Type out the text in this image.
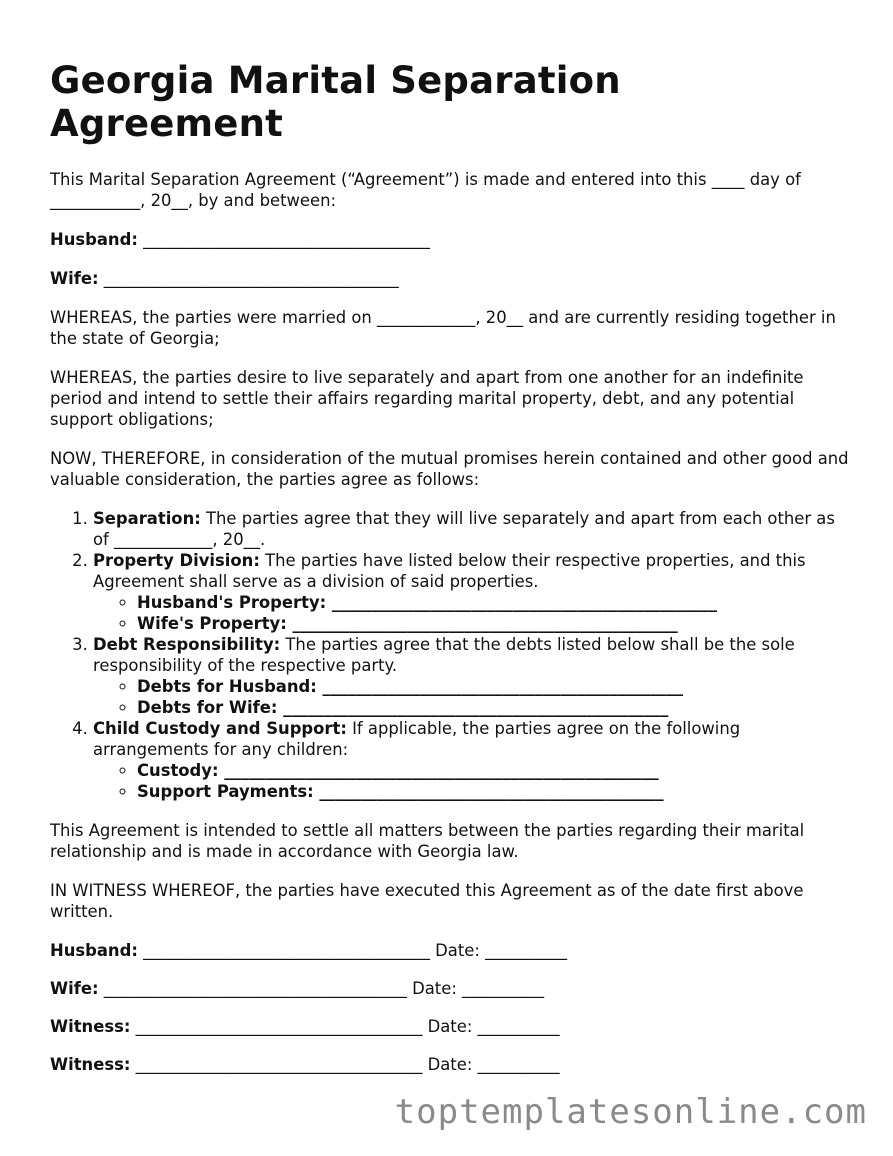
Georgia Marital Separation Agreement

This Marital Separation Agreement (“Agreement”) is made and entered into this ____ day of ___________, 20__, by and between:

Husband: ___________________________________
Wife: ____________________________________

WHEREAS, the parties were married on ____________, 20__ and are currently residing together in the state of Georgia;

WHEREAS, the parties desire to live separately and apart from one another for an indefinite period and intend to settle their affairs regarding marital property, debt, and any potential support obligations;

NOW, THEREFORE, in consideration of the mutual promises herein contained and other good and valuable consideration, the parties agree as follows:

1. Separation: The parties agree that they will live separately and apart from each other as of ____________, 20__.
2. Property Division: The parties have listed below their respective properties, and this Agreement shall serve as a division of said properties.
◦ Husband's Property: _______________________________________________
◦ Wife's Property: _______________________________________________
3. Debt Responsibility: The parties agree that the debts listed below shall be the sole responsibility of the respective party.
◦ Debts for Husband: ____________________________________________
◦ Debts for Wife: _______________________________________________
4. Child Custody and Support: If applicable, the parties agree on the following arrangements for any children:
◦ Custody: _____________________________________________________
◦ Support Payments: __________________________________________

This Agreement is intended to settle all matters between the parties regarding their marital relationship and is made in accordance with Georgia law.

IN WITNESS WHEREOF, the parties have executed this Agreement as of the date first above written.

Husband: ___________________________________ Date: __________
Wife: _____________________________________ Date: __________
Witness: ___________________________________ Date: __________
Witness: ___________________________________ Date: __________
toptemplatesonline.com
